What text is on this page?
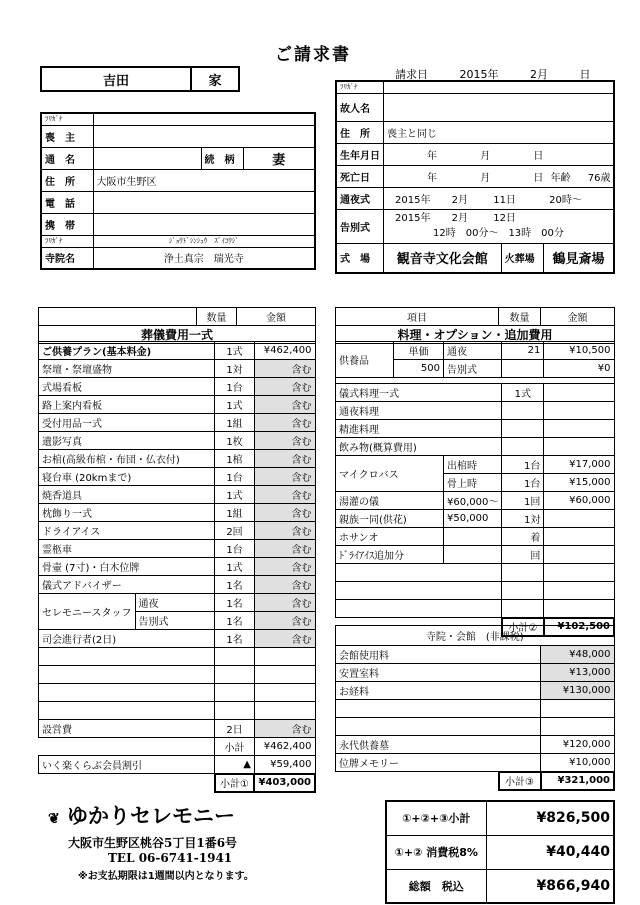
ご請求書
吉田	家	請求日	2015年	2月	日
ﾌﾘｶﾞﾅ			
喪　主			
通　名		続　柄	妻
住　所	大阪市生野区		
電　話			
携　帯			
ﾌﾘｶﾞﾅ	ｼﾞｮｳﾄﾞｼﾝｼｭｳ　ｽﾞｲｺｳｼﾞ		
寺院名	浄土真宗　瑞光寺		
ﾌﾘｶﾞﾅ			
故人名			
住　所	喪主と同じ		
生年月日	年 月 日		
死亡日	年 月 日 年齢 76歳		
通夜式	2015年 2月 11日 20時～		
告別式	2015年 2月 12日
12時　00分～　13時　00分		

式　場	観音寺文化会館	火葬場	鶴見斎場
	数量	金額
葬儀費用一式
ご供養プラン(基本料金)		1式	¥462,400
祭壇・祭壇盛物		1対	含む
式場看板		1台	含む
路上案内看板		1式	含む
受付用品一式		1組	含む
遺影写真		1枚	含む
お棺(高級布棺・布団・仏衣付)		1棺	含む
寝台車 (20kmまで)		1台	含む
焼香道具		1式	含む
枕飾り一式		1組	含む
ドライアイス		2回	含む
霊柩車		1台	含む
骨壷 (7寸)・白木位牌		1式	含む
儀式アドバイザー		1名	含む
セレモニースタッフ	通夜	1名	含む
	告別式	1名	含む
司会進行者(2日)		1名	含む

設営費		2日	含む
		小計	¥462,400
いく楽くらぶ会員割引		▲	¥59,400
		小計①	¥403,000
項目	数量	金額
料理・オプション・追加費用
供養品	単価	通夜	21	¥10,500
	500	告別式		¥0

儀式料理一式			1式	
通夜料理				
精進料理				
飲み物(概算費用)				
マイクロバス		出棺時	1台	¥17,000
		骨上時	1台	¥15,000
湯灌の儀		¥60,000～	1回	¥60,000
親族一同(供花)		¥50,000	1対	
ホサンオ			着	
ﾄﾞﾗｲｱｲｽ追加分			回	

			小計②	¥102,500
寺院・会館　(非課税)		
会館使用料		¥48,000
安置室料		¥13,000
お経料		¥130,000

永代供養墓		¥120,000
位牌メモリー		¥10,000
	小計③	¥321,000
❦ ゆかりセレモニー
大阪市生野区桃谷5丁目1番6号
TEL 06-6741-1941
※お支払期限は1週間以内となります。
①+②+③小計	¥826,500
①+② 消費税8%	¥40,440
総額　税込	¥866,940
